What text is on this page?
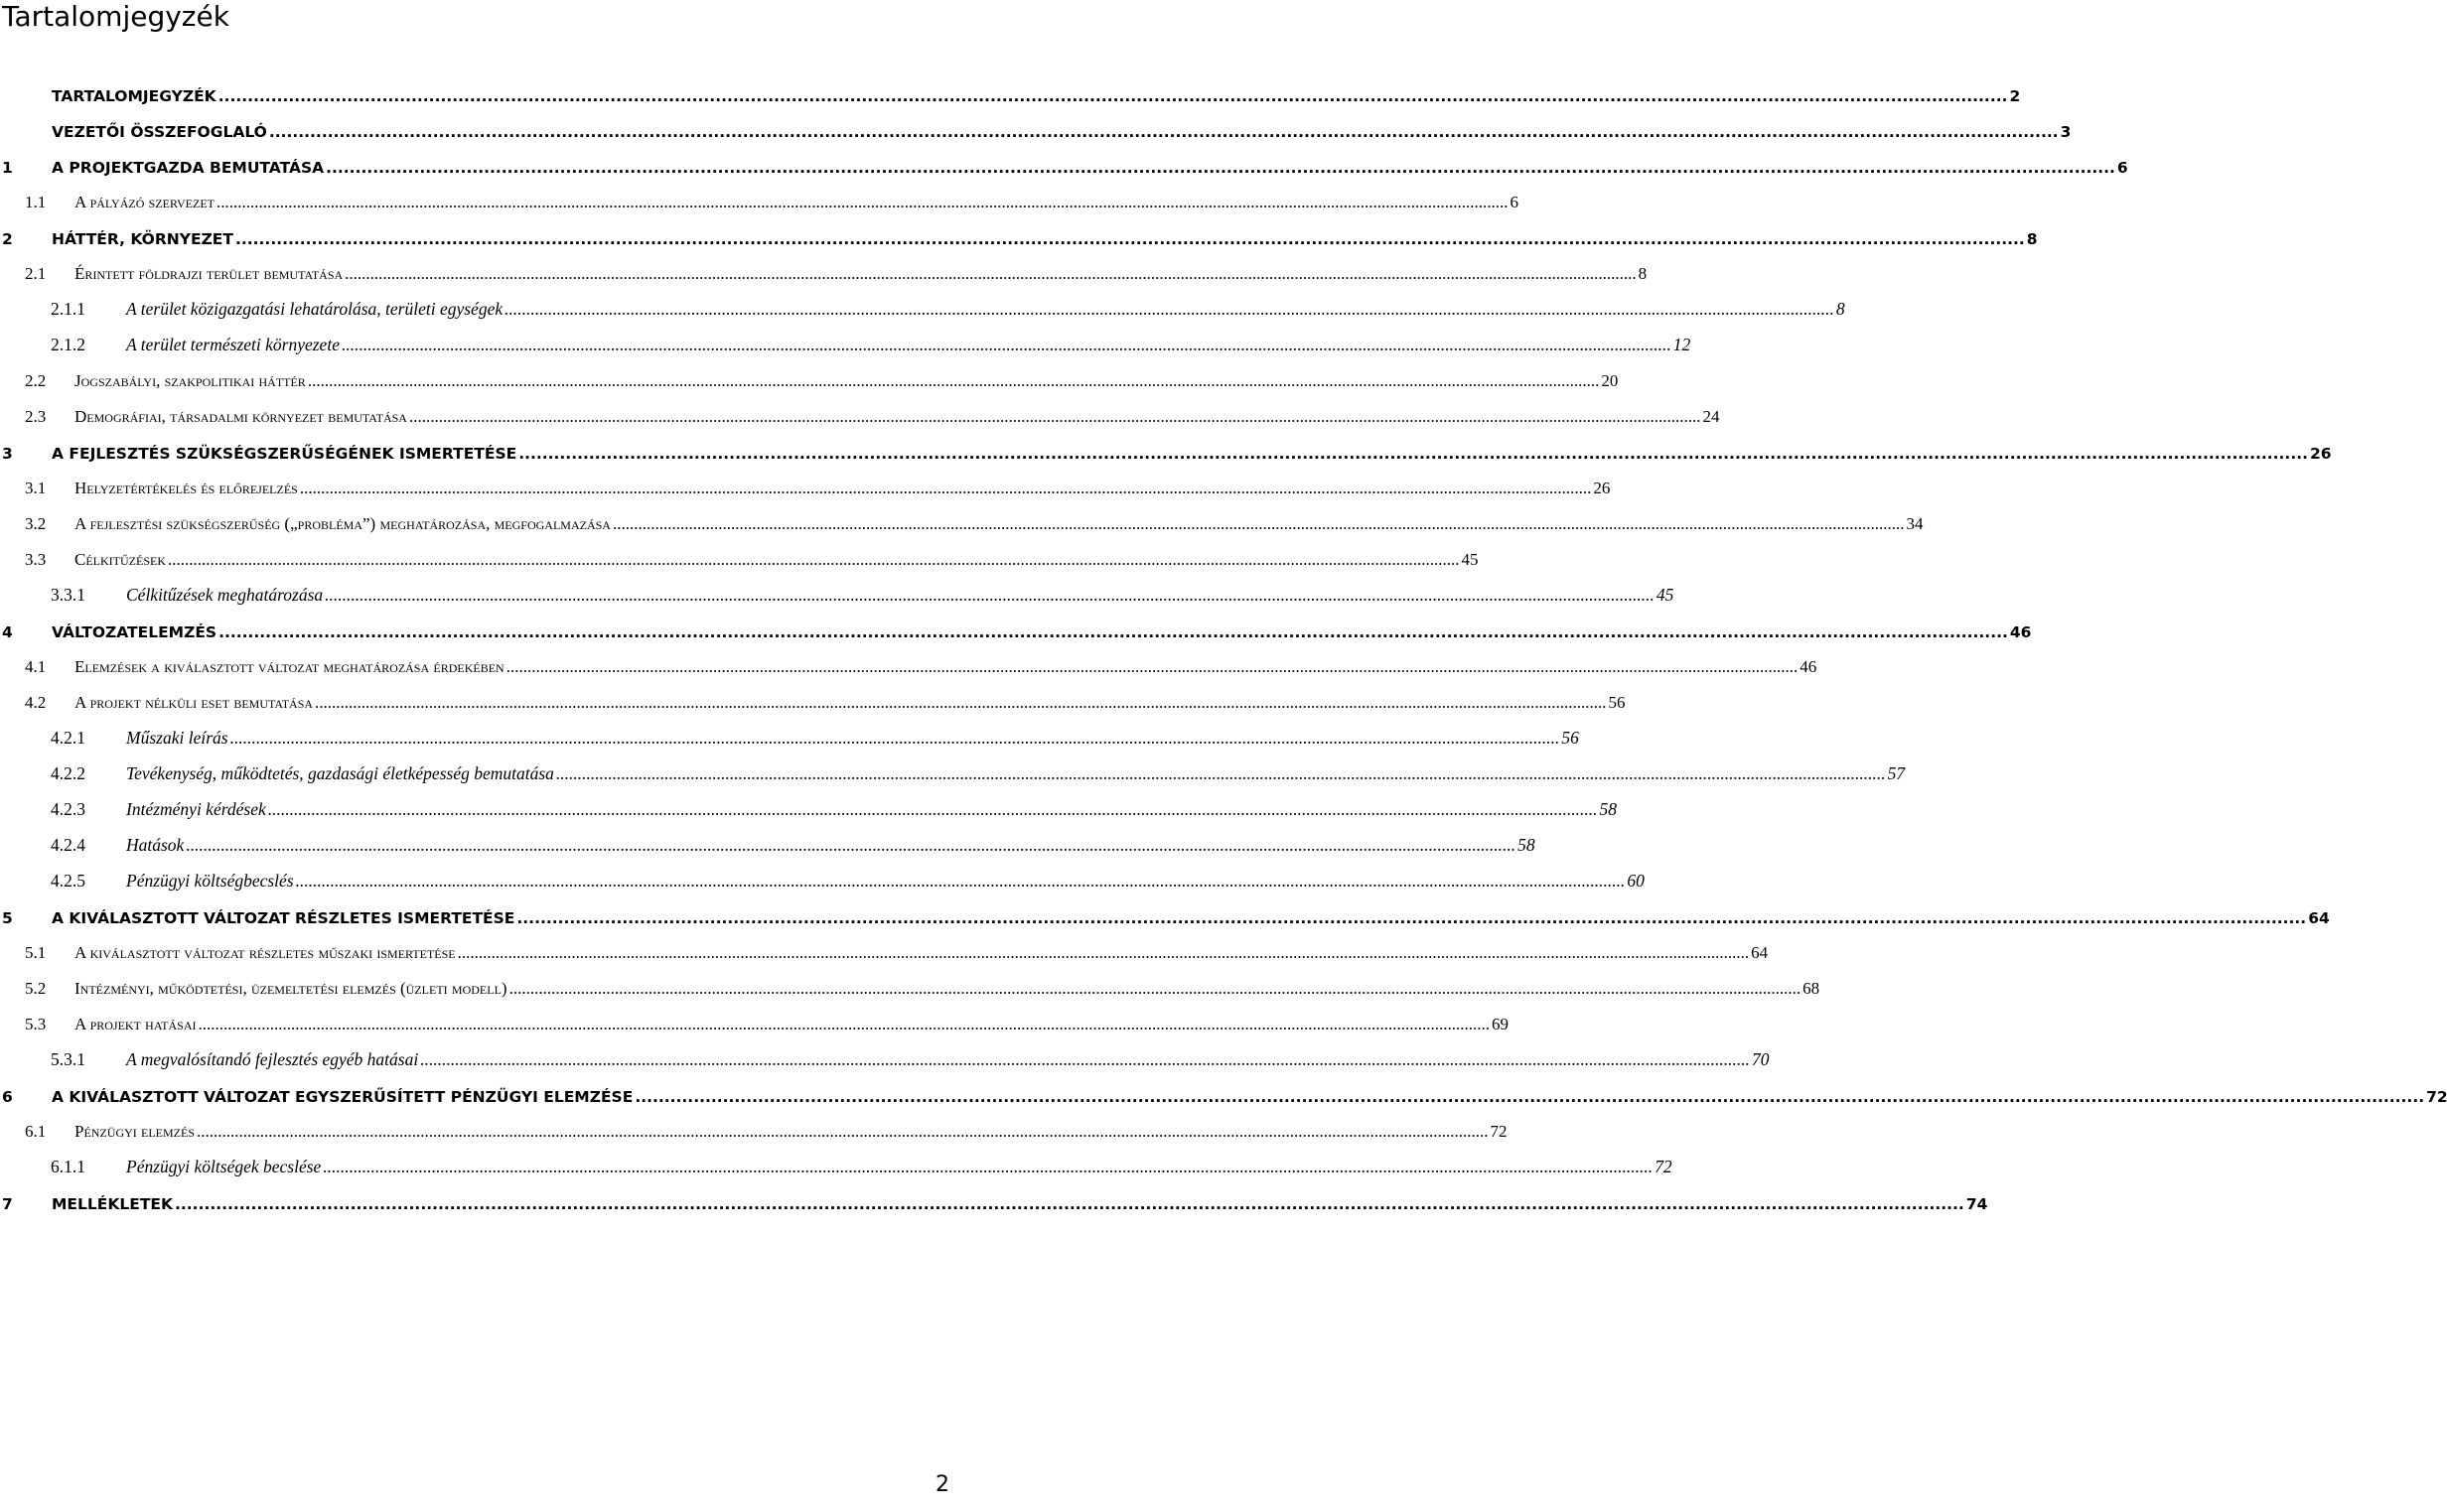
Tartalomjegyzék
TARTALOMJEGYZÉK .....	2
VEZETŐI ÖSSZEFOGLALÓ .....	3
1	A PROJEKTGAZDA BEMUTATÁSA .....	6
1.1	A pályázó szervezet .....	6
2	HÁTTÉR, KÖRNYEZET .....	8
2.1	Érintett földrajzi terület bemutatása .....	8
2.1.1	A terület közigazgatási lehatárolása, területi egységek .....	8
2.1.2	A terület természeti környezete .....	12
2.2	Jogszabályi, szakpolitikai háttér .....	20
2.3	Demográfiai, társadalmi környezet bemutatása .....	24
3	A FEJLESZTÉS SZÜKSÉGSZERŰSÉGÉNEK ISMERTETÉSE .....	26
3.1	Helyzetértékelés és előrejelzés .....	26
3.2	A fejlesztési szükségszerűség („probléma”) meghatározása, megfogalmazása .....	34
3.3	Célkitűzések .....	45
3.3.1	Célkitűzések meghatározása .....	45
4	VÁLTOZATELEMZÉS .....	46
4.1	Elemzések a kiválasztott változat meghatározása érdekében .....	46
4.2	A projekt nélküli eset bemutatása .....	56
4.2.1	Műszaki leírás .....	56
4.2.2	Tevékenység, működtetés, gazdasági életképesség bemutatása .....	57
4.2.3	Intézményi kérdések .....	58
4.2.4	Hatások .....	58
4.2.5	Pénzügyi költségbecslés .....	60
5	A KIVÁLASZTOTT VÁLTOZAT RÉSZLETES ISMERTETÉSE .....	64
5.1	A kiválasztott változat részletes műszaki ismertetése .....	64
5.2	Intézményi, működtetési, üzemeltetési elemzés (üzleti modell) .....	68
5.3	A projekt hatásai .....	69
5.3.1	A megvalósítandó fejlesztés egyéb hatásai .....	70
6	A KIVÁLASZTOTT VÁLTOZAT EGYSZERŰSÍTETT PÉNZÜGYI ELEMZÉSE .....	72
6.1	Pénzügyi elemzés .....	72
6.1.1	Pénzügyi költségek becslése .....	72
7	MELLÉKLETEK .....	74
2
